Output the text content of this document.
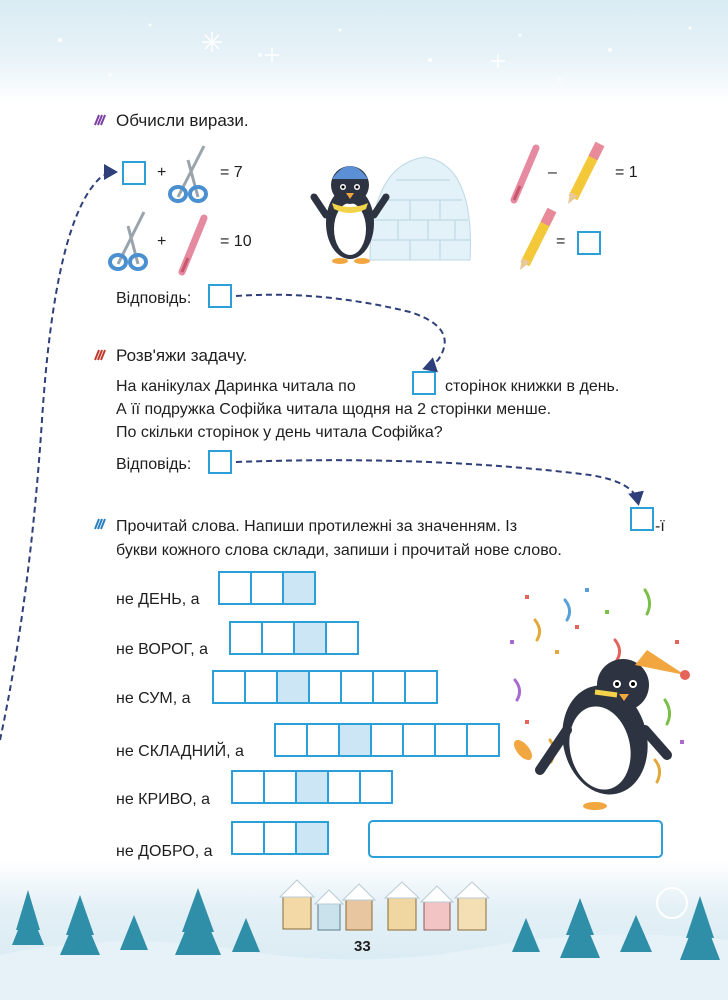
Обчисли вирази.
+	= 7
+	= 10
–	= 1
=
Відповідь:
Розв'яжи задачу.
На канікулах Даринка читала по	сторінок книжки в день.
А її подружка Софійка читала щодня на 2 сторінки менше.
По скільки сторінок у день читала Софійка?
Відповідь:
Прочитай слова. Напиши протилежні за значенням. Із	-ї
букви кожного слова склади, запиши і прочитай нове слово.
не ДЕНЬ, а
не ВОРОГ, а
не СУМ, а
не СКЛАДНИЙ, а
не КРИВО, а
не ДОБРО, а
33
